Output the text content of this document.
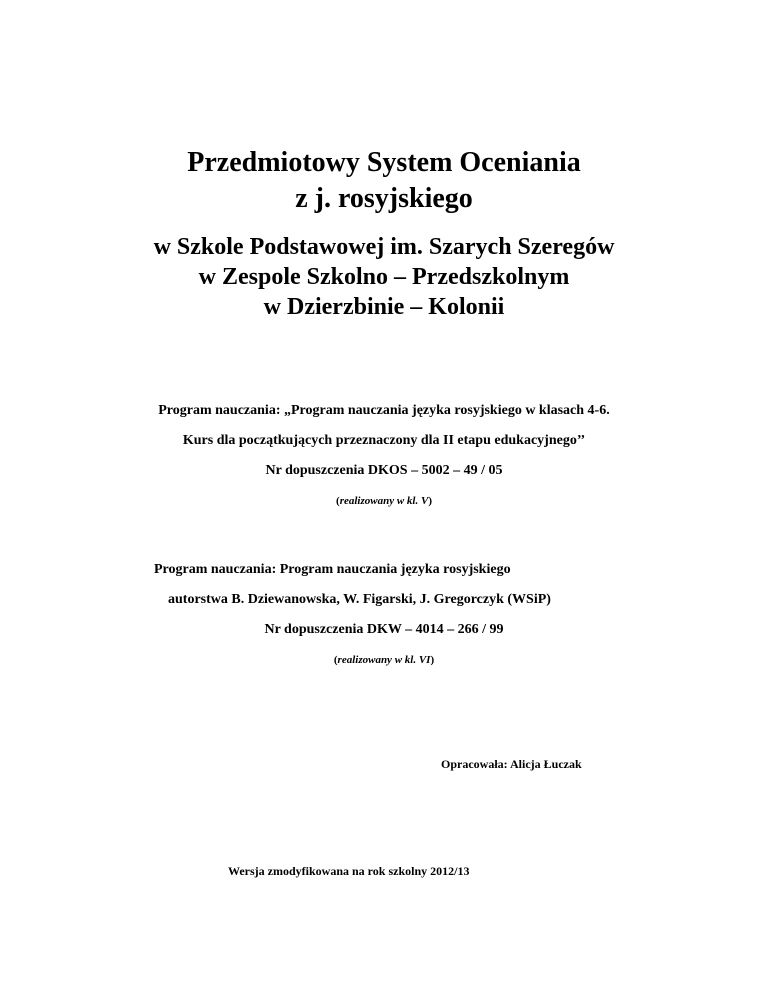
Przedmiotowy System Oceniania
z j. rosyjskiego
w Szkole Podstawowej im. Szarych Szeregów
w Zespole Szkolno – Przedszkolnym
w Dzierzbinie – Kolonii

Program nauczania: „Program nauczania języka rosyjskiego w klasach 4-6.

Kurs dla początkujących przeznaczony dla II etapu edukacyjnego’’

Nr dopuszczenia DKOS – 5002 – 49 / 05

(realizowany w kl. V)

Program nauczania: Program nauczania języka rosyjskiego

autorstwa B. Dziewanowska, W. Figarski, J. Gregorczyk (WSiP)

Nr dopuszczenia DKW – 4014 – 266 / 99

(realizowany w kl. VI)

Opracowała: Alicja Łuczak

Wersja zmodyfikowana na rok szkolny 2012/13
